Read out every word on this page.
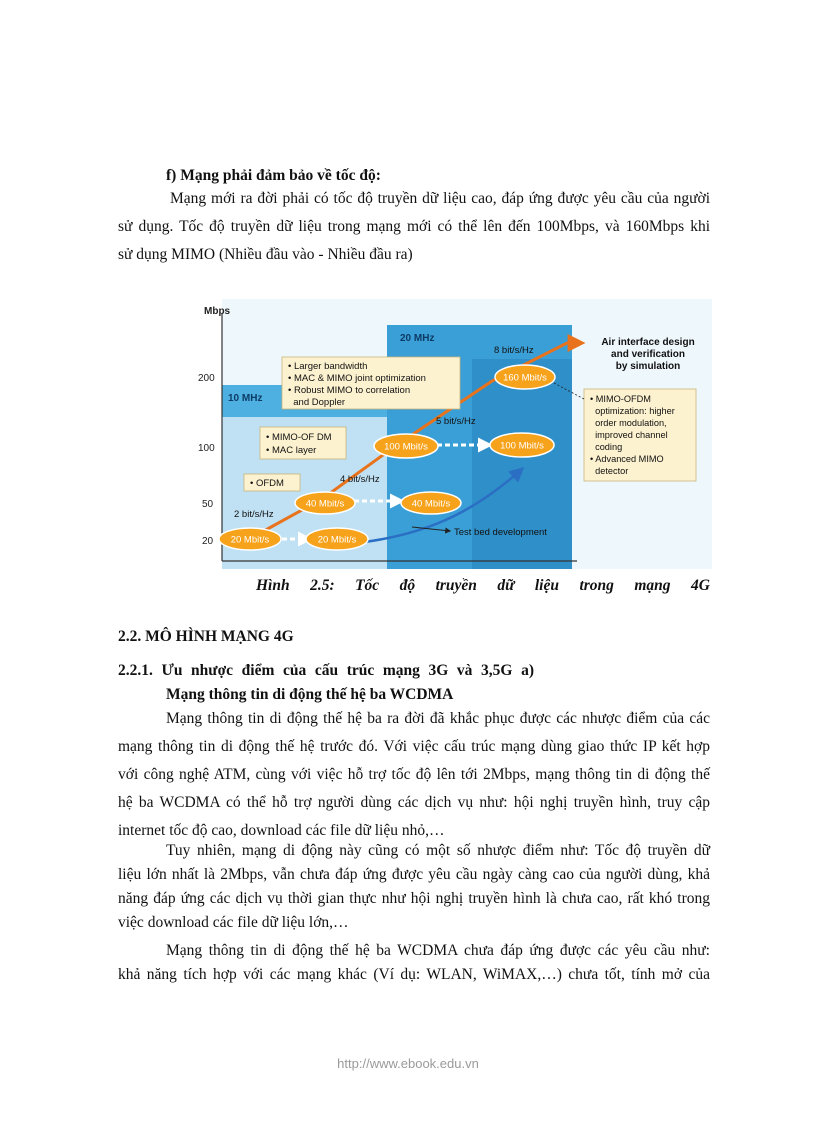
f) Mạng phải đảm bảo về tốc độ:
Mạng mới ra đời phải có tốc độ truyền dữ liệu cao, đáp ứng được yêu cầu của người
sử dụng. Tốc độ truyền dữ liệu trong mạng mới có thể lên đến 100Mbps, và 160Mbps khi
sử dụng MIMO (Nhiều đầu vào - Nhiều đầu ra)
Mbps
200
100
50
20
10 MHz
20 MHz
20 Mbit/s	20 Mbit/s
40 Mbit/s	40 Mbit/s
100 Mbit/s	100 Mbit/s
160 Mbit/s
2 bit/s/Hz
4 bit/s/Hz
5 bit/s/Hz
8 bit/s/Hz
• OFDM
• MIMO-OF DM
• MAC layer
• Larger bandwidth
• MAC & MIMO joint optimization
• Robust MIMO to correlation
and Doppler	• MIMO-OFDM
optimization: higher
order modulation,
improved channel
coding
• Advanced MIMO
detector
Air interface design
and verification
by simulation
Test bed development
Hình 2.5: Tốc độ truyền dữ liệu trong mạng 4G
2.2. MÔ HÌNH MẠNG 4G
2.2.1. Ưu nhược điểm của cấu trúc mạng 3G và 3,5G a)
Mạng thông tin di động thế hệ ba WCDMA
Mạng thông tin di động thế hệ ba ra đời đã khắc phục được các nhược điểm của các
mạng thông tin di động thế hệ trước đó. Với việc cấu trúc mạng dùng giao thức IP kết hợp
với công nghệ ATM, cùng với việc hỗ trợ tốc độ lên tới 2Mbps, mạng thông tin di động thế
hệ ba WCDMA có thể hỗ trợ người dùng các dịch vụ như: hội nghị truyền hình, truy cập
internet tốc độ cao, download các file dữ liệu nhỏ,…
Tuy nhiên, mạng di động này cũng có một số nhược điểm như: Tốc độ truyền dữ
liệu lớn nhất là 2Mbps, vẫn chưa đáp ứng được yêu cầu ngày càng cao của người dùng, khả
năng đáp ứng các dịch vụ thời gian thực như hội nghị truyền hình là chưa cao, rất khó trong
việc download các file dữ liệu lớn,…
Mạng thông tin di động thế hệ ba WCDMA chưa đáp ứng được các yêu cầu như:
khả năng tích hợp với các mạng khác (Ví dụ: WLAN, WiMAX,…) chưa tốt, tính mở của
http://www.ebook.edu.vn
